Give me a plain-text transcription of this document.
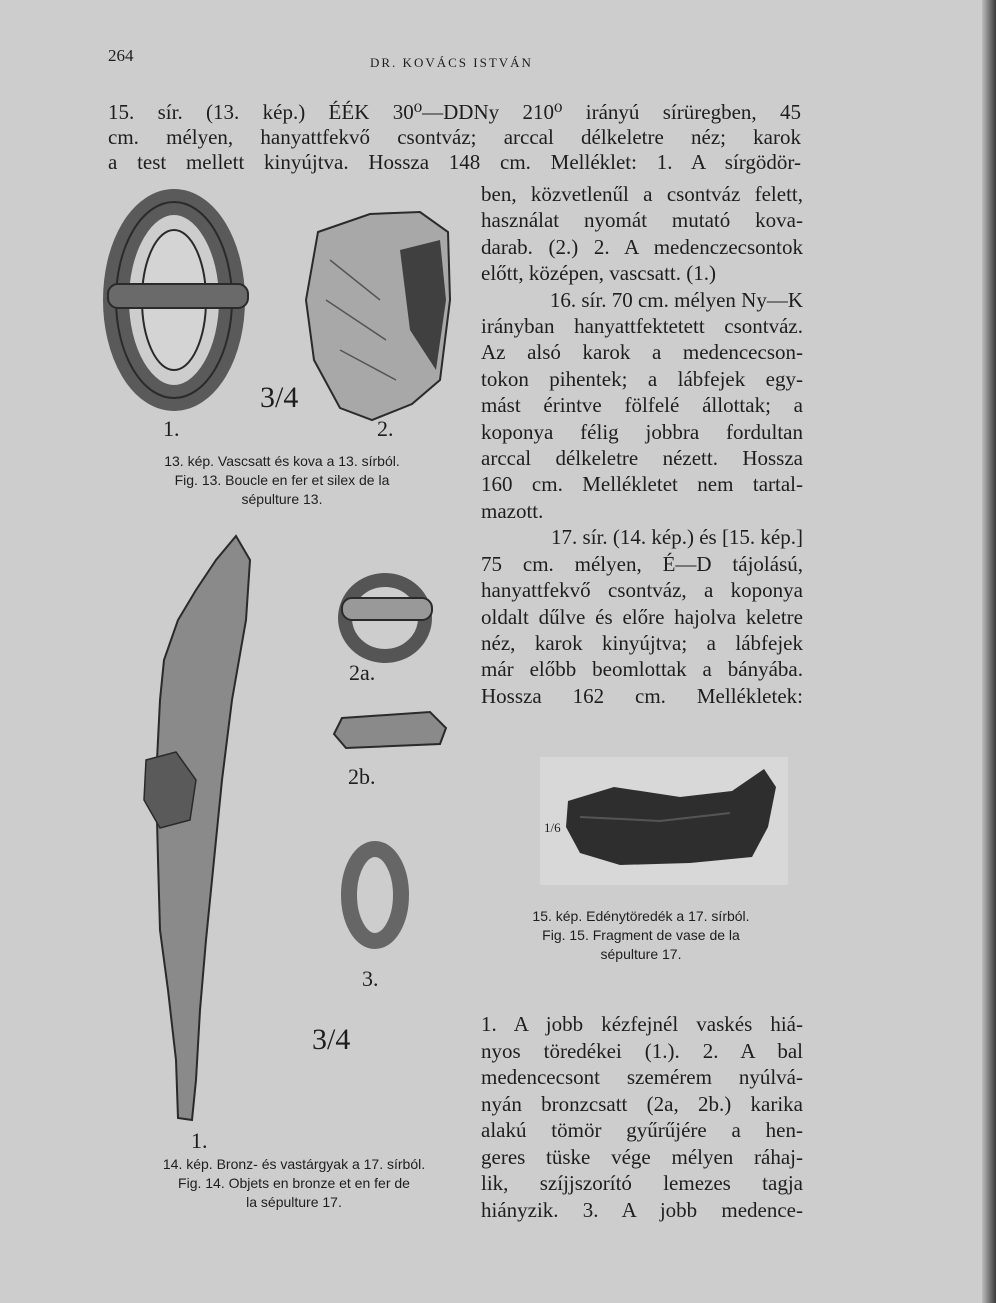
264	DR. KOVÁCS ISTVÁN
15. sír. (13. kép.) ÉÉK 30⁰—DDNy 210⁰ irányú sírüregben, 45
cm. mélyen, hanyattfekvő csontváz; arccal délkeletre néz; karok
a test mellett kinyújtva. Hossza 148 cm. Melléklet: 1. A sírgödör-
ben, közvetlenűl a csontváz felett,
használat nyomát mutató kova-
darab. (2.) 2. A medenczecsontok
előtt, középen, vascsatt. (1.)
16. sír. 70 cm. mélyen Ny—K
irányban hanyattfektetett csontváz.
Az alsó karok a medencecson-
tokon pihentek; a lábfejek egy-
mást érintve fölfelé állottak; a
koponya félig jobbra fordultan
arccal délkeletre nézett. Hossza
160 cm. Mellékletet nem tartal-
mazott.
17. sír. (14. kép.) és [15. kép.]
75 cm. mélyen, É—D tájolású,
hanyattfekvő csontváz, a koponya
oldalt dűlve és előre hajolva keletre
néz, karok kinyújtva; a lábfejek
már előbb beomlottak a bányába.
Hossza 162 cm. Mellékletek:
1. A jobb kézfejnél vaskés hiá-
nyos töredékei (1.). 2. A bal
medencecsont szemérem nyúlvá-
nyán bronzcsatt (2a, 2b.) karika
alakú tömör gyűrűjére a hen-
geres tüske vége mélyen ráhaj-
lik, szíjjszorító lemezes tagja
hiányzik. 3. A jobb medence-
1.	2.
3/4
13. kép. Vascsatt és kova a 13. sírból.
Fig. 13. Boucle en fer et silex de la
sépulture 13.
2a.
2b.
3.
1.
3/4
14. kép. Bronz- és vastárgyak a 17. sírból.
Fig. 14. Objets en bronze et en fer de
la sépulture 17.
1/6
15. kép. Edénytöredék a 17. sírból.
Fig. 15. Fragment de vase de la
sépulture 17.
